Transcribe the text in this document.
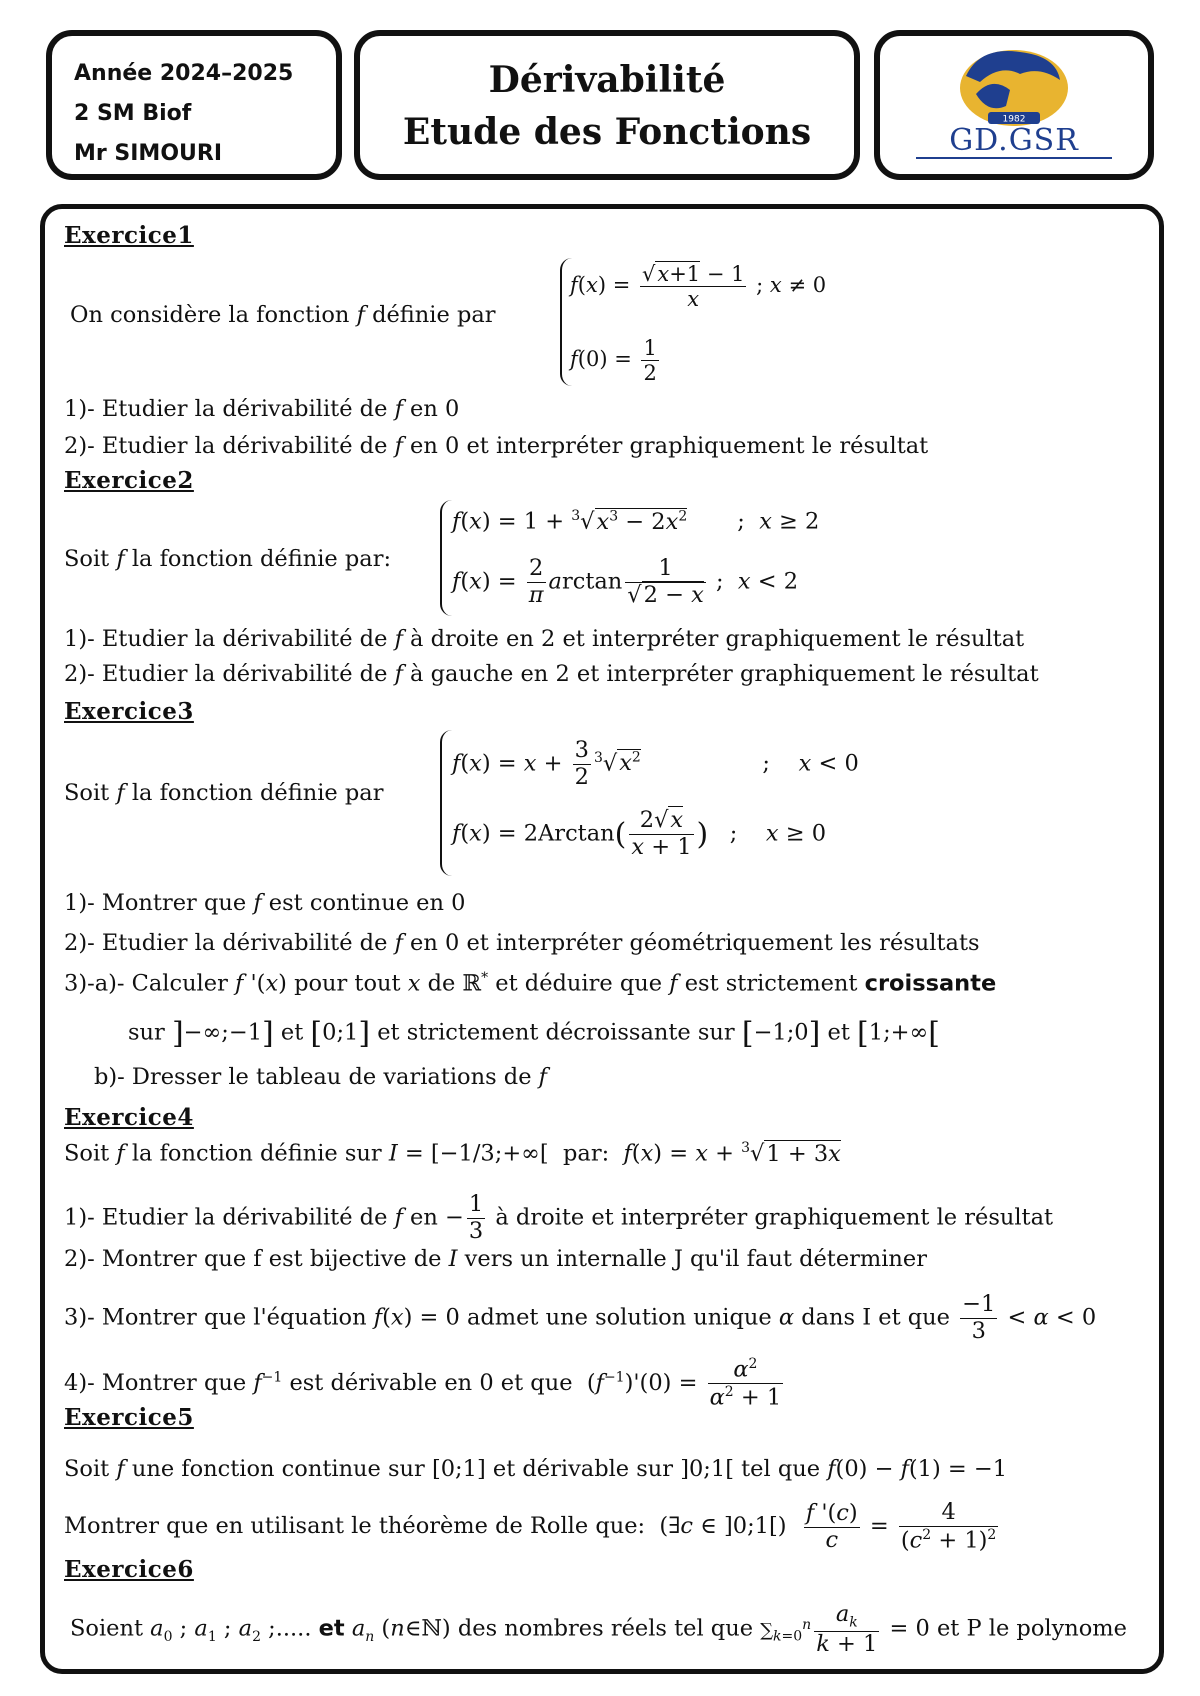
Année 2024–2025
2 SM Biof
Mr SIMOURI
Dérivabilité
Etude des Fonctions	1982
GD.GSR
Exercice1
On considère la fonction f définie par
$f(x) = \frac{√x+1 - 1}{x}$ ; x ≠ 0
$f(0) = \frac{1}{2}$
1)- Etudier la dérivabilité de f en 0
2)- Etudier la dérivabilité de f en 0 et interpréter graphiquement le résultat
Exercice2
Soit f la fonction définie par:
$f(x) = 1 + ^3√x^3 - 2x^2$       ;  x ≥ 2
$f(x) = \frac{2}{\pi}$ $\arctan \frac{1}{√2 - x}$ ;  x < 2
1)- Etudier la dérivabilité de f à droite en 2 et interpréter graphiquement le résultat
2)- Etudier la dérivabilité de f à gauche en 2 et interpréter graphiquement le résultat
Exercice3
Soit f la fonction définie par
$f(x) = x + \frac{3}{2} ^3√x^2$                 ;    x < 0
$f(x) = 2Arctan( \frac{2√x}{x + 1}$ )   ;    x ≥ 0
1)- Montrer que f est continue en 0
2)- Etudier la dérivabilité de f en 0 et interpréter géométriquement les résultats
3)-a)- Calculer f '(x) pour tout x de ℝ* et déduire que f est strictement croissante
sur ]−∞;−1] et [0;1] et strictement décroissante sur [−1;0] et [1;+∞[
b)- Dresser le tableau de variations de f
Exercice4
Soit f la fonction définie sur I = [−1/3;+∞[  par: f(x) = x + $^3$√1 + 3x
1)- Etudier la dérivabilité de f en − $\frac{1}{3}$ à droite et interpréter graphiquement le résultat
2)- Montrer que f est bijective de I vers un internalle J qu'il faut déterminer
3)- Montrer que l'équation f(x) = 0 admet une solution unique α dans I et que $\frac{-1}{3} < \alpha < 0$
4)- Montrer que $f^{-1}$ est dérivable en 0 et que  $(f^{-1})'(0) = \frac{\alpha^2}{\alpha^2 + 1}$
Exercice5
Soit f une fonction continue sur [0;1] et dérivable sur ]0;1[ tel que f(0) − f(1) = −1
Montrer que en utilisant le théorème de Rolle que:  (∃c ∈ ]0;1[) $\frac{f '(c)}{c} = \frac{4}{(c^2 + 1)^2}$
Exercice6
Soient $a_0$ ; $a_1$ ; $a_2$ ;..... et $a_n$ (n∈ℕ) des nombres réels tel que $\sum_{k=0}^n \frac{a_k}{k + 1} = 0$ et P le polynome
